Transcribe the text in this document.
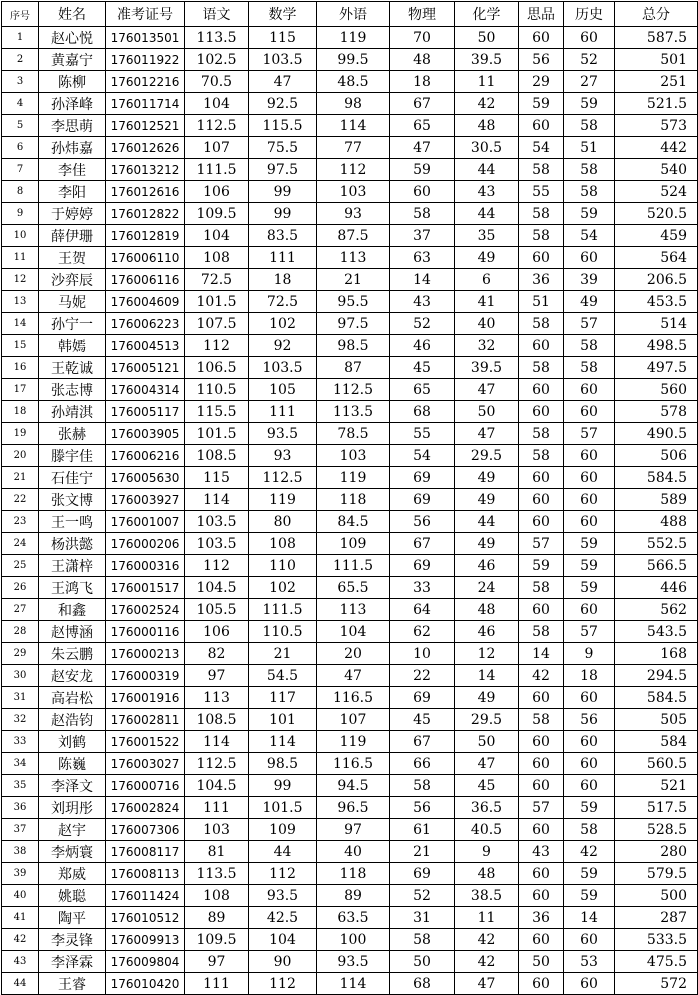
序号	姓名	准考证号	语文	数学	外语	物理	化学	思品	历史	总分
1	赵心悦	176013501	113.5	115	119	70	50	60	60	587.5
2	黄嘉宁	176011922	102.5	103.5	99.5	48	39.5	56	52	501
3	陈柳	176012216	70.5	47	48.5	18	11	29	27	251
4	孙泽峰	176011714	104	92.5	98	67	42	59	59	521.5
5	李思萌	176012521	112.5	115.5	114	65	48	60	58	573
6	孙炜嘉	176012626	107	75.5	77	47	30.5	54	51	442
7	李佳	176013212	111.5	97.5	112	59	44	58	58	540
8	李阳	176012616	106	99	103	60	43	55	58	524
9	于婷婷	176012822	109.5	99	93	58	44	58	59	520.5
10	薛伊珊	176012819	104	83.5	87.5	37	35	58	54	459
11	王贺	176006110	108	111	113	63	49	60	60	564
12	沙弈辰	176006116	72.5	18	21	14	6	36	39	206.5
13	马妮	176004609	101.5	72.5	95.5	43	41	51	49	453.5
14	孙宁一	176006223	107.5	102	97.5	52	40	58	57	514
15	韩嫣	176004513	112	92	98.5	46	32	60	58	498.5
16	王乾诚	176005121	106.5	103.5	87	45	39.5	58	58	497.5
17	张志博	176004314	110.5	105	112.5	65	47	60	60	560
18	孙靖淇	176005117	115.5	111	113.5	68	50	60	60	578
19	张赫	176003905	101.5	93.5	78.5	55	47	58	57	490.5
20	滕宇佳	176006216	108.5	93	103	54	29.5	58	60	506
21	石佳宁	176005630	115	112.5	119	69	49	60	60	584.5
22	张文博	176003927	114	119	118	69	49	60	60	589
23	王一鸣	176001007	103.5	80	84.5	56	44	60	60	488
24	杨洪懿	176000206	103.5	108	109	67	49	57	59	552.5
25	王潇梓	176000316	112	110	111.5	69	46	59	59	566.5
26	王鸿飞	176001517	104.5	102	65.5	33	24	58	59	446
27	和鑫	176002524	105.5	111.5	113	64	48	60	60	562
28	赵博涵	176000116	106	110.5	104	62	46	58	57	543.5
29	朱云鹏	176000213	82	21	20	10	12	14	9	168
30	赵安龙	176000319	97	54.5	47	22	14	42	18	294.5
31	高岩松	176001916	113	117	116.5	69	49	60	60	584.5
32	赵浩钧	176002811	108.5	101	107	45	29.5	58	56	505
33	刘鹤	176001522	114	114	119	67	50	60	60	584
34	陈巍	176003027	112.5	98.5	116.5	66	47	60	60	560.5
35	李泽文	176000716	104.5	99	94.5	58	45	60	60	521
36	刘玥彤	176002824	111	101.5	96.5	56	36.5	57	59	517.5
37	赵宇	176007306	103	109	97	61	40.5	60	58	528.5
38	李炳寰	176008117	81	44	40	21	9	43	42	280
39	郑威	176008113	113.5	112	118	69	48	60	59	579.5
40	姚聪	176011424	108	93.5	89	52	38.5	60	59	500
41	陶平	176010512	89	42.5	63.5	31	11	36	14	287
42	李灵锋	176009913	109.5	104	100	58	42	60	60	533.5
43	李泽霖	176009804	97	90	93.5	50	42	50	53	475.5
44	王睿	176010420	111	112	114	68	47	60	60	572
